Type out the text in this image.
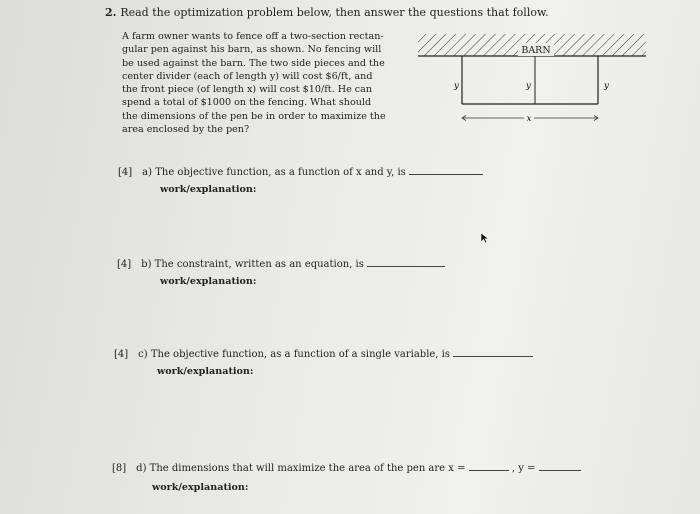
2. Read the optimization problem below, then answer the questions that follow.
A farm owner wants to fence off a two-section rectan-
gular pen against his barn, as shown. No fencing will
be used against the barn. The two side pieces and the
center divider (each of length y) will cost $6/ft, and
the front piece (of length x) will cost $10/ft. He can
spend a total of $1000 on the fencing. What should
the dimensions of the pen be in order to maximize the
area enclosed by the pen?
BARN
y	y	y
x
[4] a) The objective function, as a function of x and y, is
work/explanation:
[4] b) The constraint, written as an equation, is
work/explanation:
[4] c) The objective function, as a function of a single variable, is
work/explanation:
[8] d) The dimensions that will maximize the area of the pen are x =	, y =
work/explanation:
